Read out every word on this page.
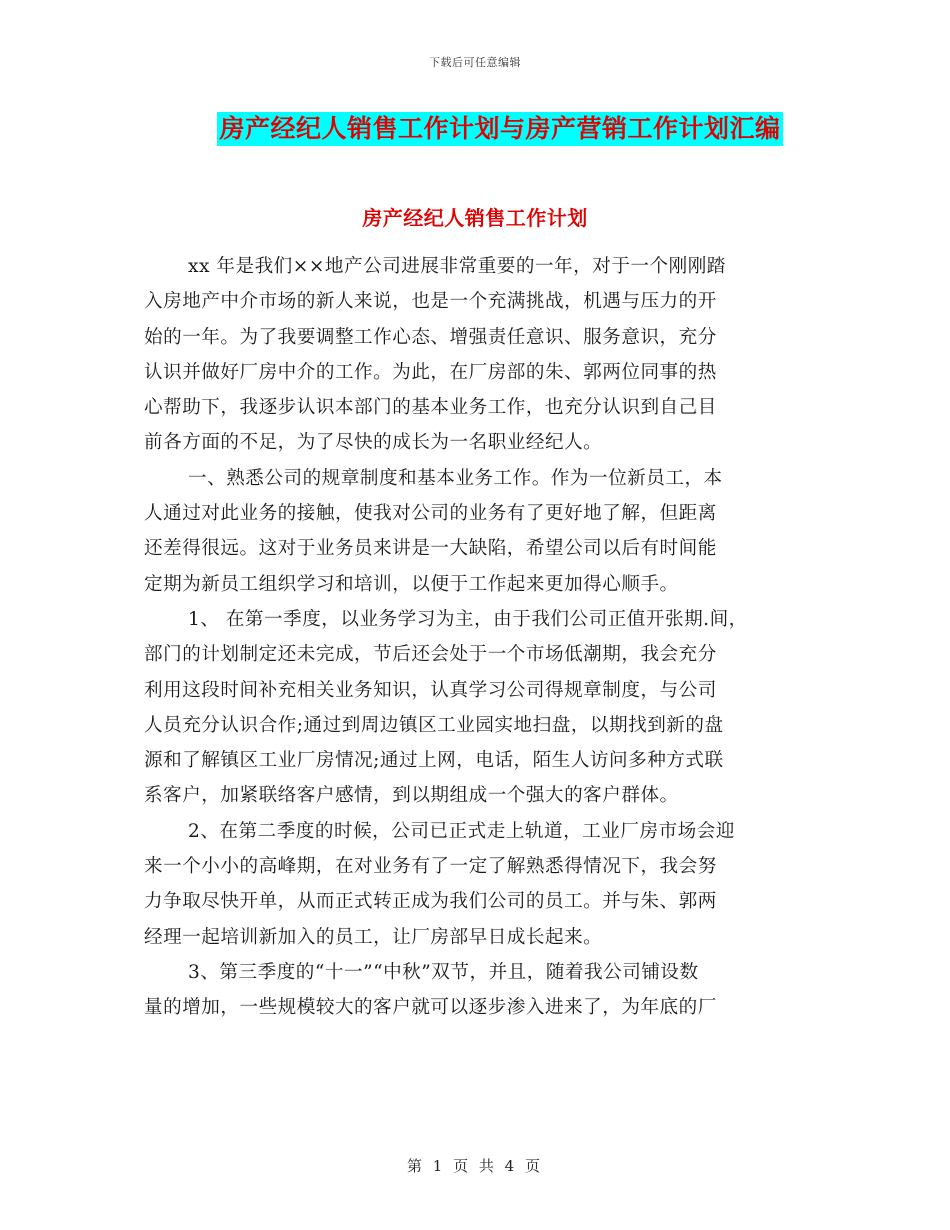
下载后可任意编辑
房产经纪人销售工作计划与房产营销工作计划汇编
房产经纪人销售工作计划
xx 年是我们××地产公司进展非常重要的一年，对于一个刚刚踏
入房地产中介市场的新人来说，也是一个充满挑战，机遇与压力的开
始的一年。为了我要调整工作心态、增强责任意识、服务意识，充分
认识并做好厂房中介的工作。为此，在厂房部的朱、郭两位同事的热
心帮助下，我逐步认识本部门的基本业务工作，也充分认识到自己目
前各方面的不足，为了尽快的成长为一名职业经纪人。
一、熟悉公司的规章制度和基本业务工作。作为一位新员工，本
人通过对此业务的接触，使我对公司的业务有了更好地了解，但距离
还差得很远。这对于业务员来讲是一大缺陷，希望公司以后有时间能
定期为新员工组织学习和培训，以便于工作起来更加得心顺手。
1、 在第一季度，以业务学习为主，由于我们公司正值开张期.间，
部门的计划制定还未完成，节后还会处于一个市场低潮期，我会充分
利用这段时间补充相关业务知识，认真学习公司得规章制度，与公司
人员充分认识合作;通过到周边镇区工业园实地扫盘，以期找到新的盘
源和了解镇区工业厂房情况;通过上网，电话，陌生人访问多种方式联
系客户，加紧联络客户感情，到以期组成一个强大的客户群体。
2、在第二季度的时候，公司已正式走上轨道，工业厂房市场会迎
来一个小小的高峰期，在对业务有了一定了解熟悉得情况下，我会努
力争取尽快开单，从而正式转正成为我们公司的员工。并与朱、郭两
经理一起培训新加入的员工，让厂房部早日成长起来。
3、第三季度的“十一”“中秋”双节，并且，随着我公司铺设数
量的增加，一些规模较大的客户就可以逐步渗入进来了，为年底的厂
第 1 页 共 4 页
